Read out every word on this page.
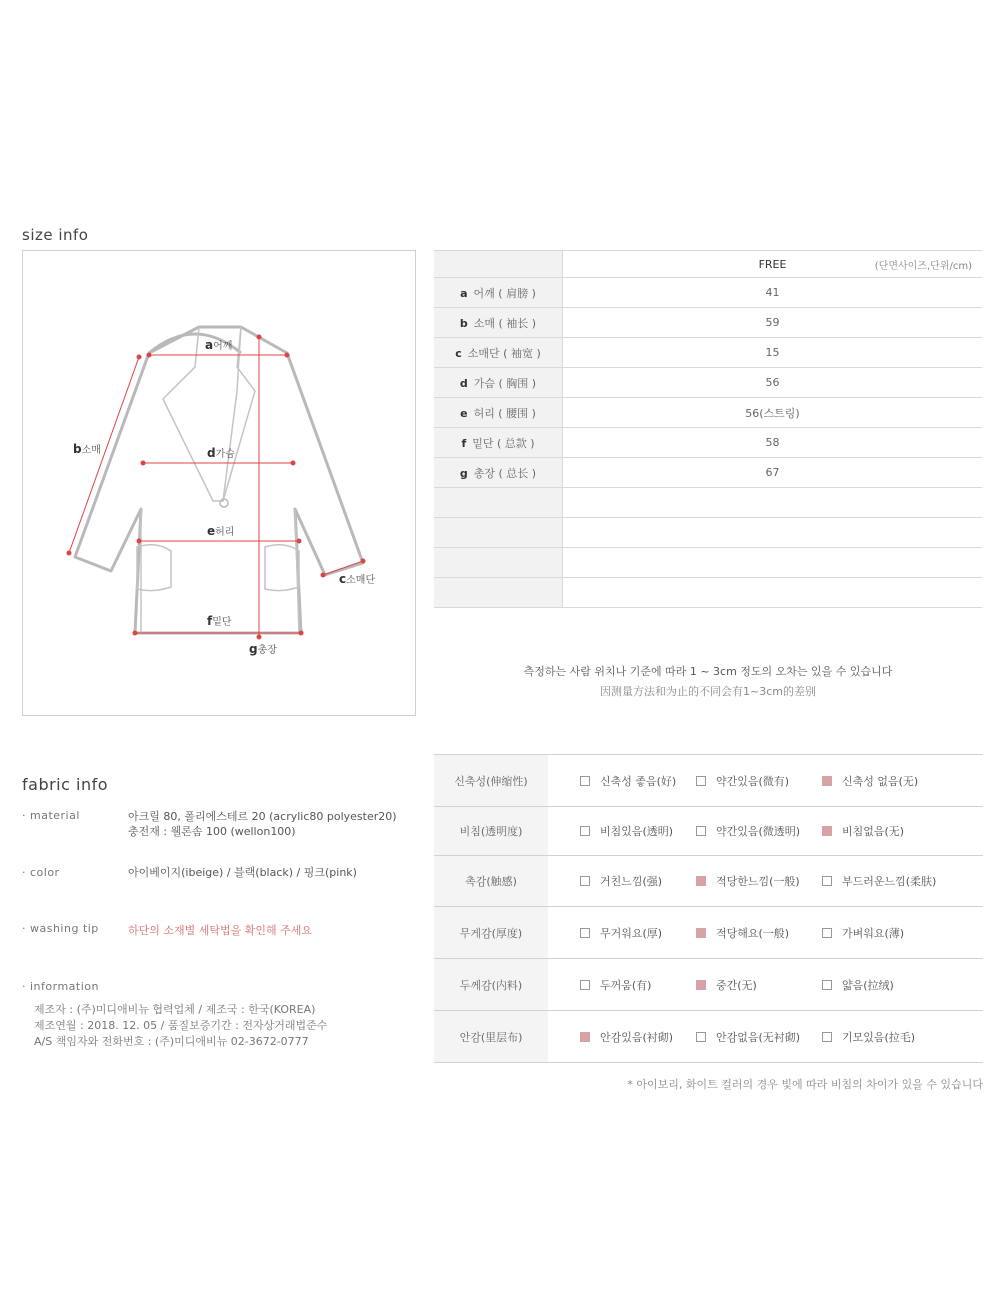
size info
a어깨
b소매
c소매단
d가슴
e허리
f밑단
g총장
	FREE (단면사이즈,단위/cm)

a 어깨 ( 肩膀 )	41
b 소매 ( 袖长 )	59
c 소매단 ( 袖宽 )	15
d 가슴 ( 胸围 )	56
e 허리 ( 腰围 )	56(스트링)
f 밑단 ( 总款 )	58
g 총장 ( 总长 )	67

측정하는 사람 위치나 기준에 따라 1 ~ 3cm 정도의 오차는 있을 수 있습니다
因测量方法和为止的不同会有1~3cm的差别
fabric info
· material	아크릴 80, 폴리에스테르 20 (acrylic80 polyester20)
충전재 : 웰론솜 100 (wellon100)
· color	아이베이지(ibeige) / 블랙(black) / 핑크(pink)
· washing tip	하단의 소재별 세탁법을 확인해 주세요
· information
제조자 : (주)미디애비뉴 협력업체 / 제조국 : 한국(KOREA)
제조연월 : 2018. 12. 05 / 품질보증기간 : 전자상거래법준수
A/S 책임자와 전화번호 : (주)미디애비뉴 02-3672-0777
신축성(伸缩性)	신축성 좋음(好)	약간있음(微有)	신축성 없음(无)
비침(透明度)	비침있음(透明)	약간있음(微透明)	비침없음(无)
촉감(触感)	거친느낌(强)	적당한느낌(一般)	부드러운느낌(柔肤)
무게감(厚度)	무거워요(厚)	적당해요(一般)	가벼워요(薄)
두께감(内料)	두꺼움(有)	중간(无)	얇음(拉绒)
안감(里层布)	안감있음(衬砌)	안감없음(无衬砌)	기모있음(拉毛)
* 아이보리, 화이트 컬러의 경우 빛에 따라 비침의 차이가 있을 수 있습니다
